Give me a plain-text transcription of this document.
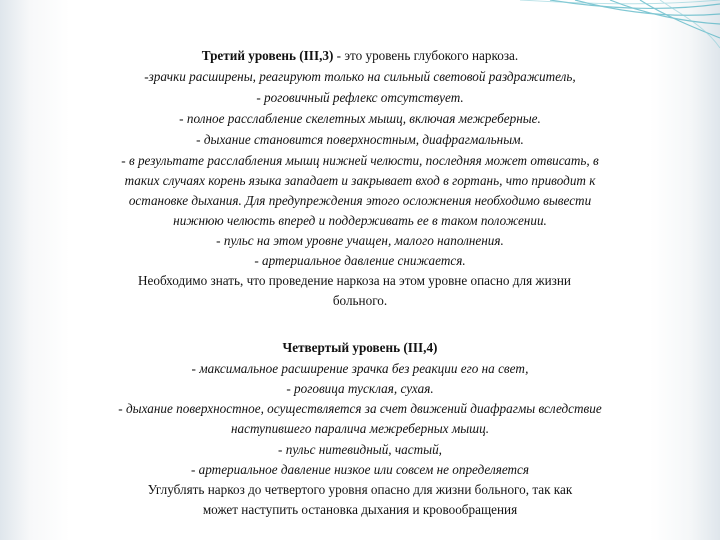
Третий уровень (III,3) - это уровень глубокого наркоза.
-зрачки расширены, реагируют только на сильный световой раздражитель,
- роговичный рефлекс отсутствует.
- полное расслабление скелетных мышц, включая межреберные.
- дыхание становится поверхностным, диафрагмальным.
- в результате расслабления мышц нижней челюсти, последняя может отвисать, в
таких случаях корень языка западает и закрывает вход в гортань, что приводит к
остановке дыхания. Для предупреждения этого осложнения необходимо вывести
нижнюю челюсть вперед и поддерживать ее в таком положении.
- пульс на этом уровне учащен, малого наполнения.
- артериальное давление снижается.
Необходимо знать, что проведение наркоза на этом уровне опасно для жизни
больного.
Четвертый уровень (III,4)
- максимальное расширение зрачка без реакции его на свет,
- роговица тусклая, сухая.
- дыхание поверхностное, осуществляется за счет движений диафрагмы вследствие
наступившего паралича межреберных мышц.
- пульс нитевидный, частый,
- артериальное давление низкое или совсем не определяется
Углублять наркоз до четвертого уровня опасно для жизни больного, так как
может наступить остановка дыхания и кровообращения
